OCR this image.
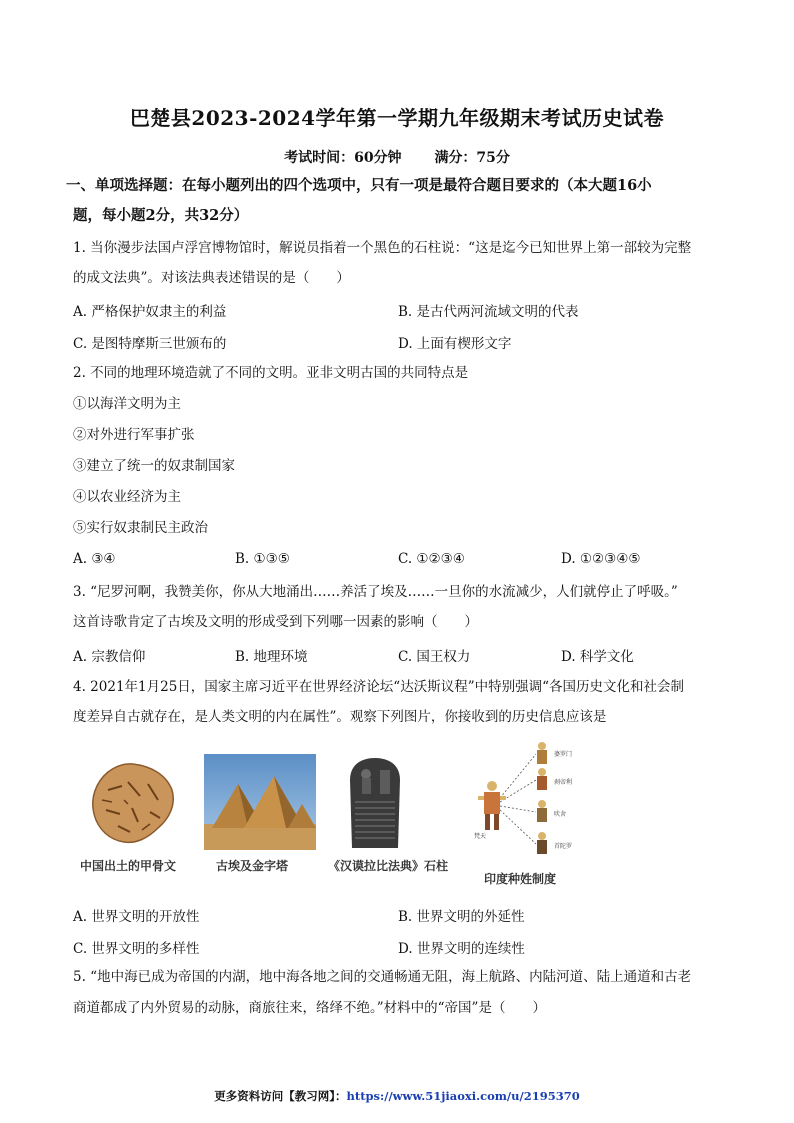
巴楚县2023-2024学年第一学期九年级期末考试历史试卷
考试时间：60分钟 满分：75分
一、单项选择题：在每小题列出的四个选项中，只有一项是最符合题目要求的（本大题16小
题，每小题2分，共32分）
1. 当你漫步法国卢浮宫博物馆时，解说员指着一个黑色的石柱说：“这是迄今已知世界上第一部较为完整
的成文法典”。对该法典表述错误的是（　　）
A. 严格保护奴隶主的利益	B. 是古代两河流域文明的代表
C. 是图特摩斯三世颁布的	D. 上面有楔形文字
2. 不同的地理环境造就了不同的文明。亚非文明古国的共同特点是
①以海洋文明为主
②对外进行军事扩张
③建立了统一的奴隶制国家
④以农业经济为主
⑤实行奴隶制民主政治
A. ③④	B. ①③⑤	C. ①②③④	D. ①②③④⑤
3. “尼罗河啊，我赞美你，你从大地涌出……养活了埃及……一旦你的水流减少，人们就停止了呼吸。”
这首诗歌肯定了古埃及文明的形成受到下列哪一因素的影响（　　）
A. 宗教信仰	B. 地理环境	C. 国王权力	D. 科学文化
4. 2021年1月25日，国家主席习近平在世界经济论坛“达沃斯议程”中特别强调“各国历史文化和社会制
度差异自古就存在，是人类文明的内在属性”。观察下列图片，你接收到的历史信息应该是
中国出土的甲骨文	古埃及金字塔	《汉谟拉比法典》石柱
婆罗门
刹帝利
吠舍
首陀罗
梵天
印度种姓制度
A. 世界文明的开放性	B. 世界文明的外延性
C. 世界文明的多样性	D. 世界文明的连续性
5. “地中海已成为帝国的内湖，地中海各地之间的交通畅通无阻，海上航路、内陆河道、陆上通道和古老
商道都成了内外贸易的动脉，商旅往来，络绎不绝。”材料中的“帝国”是（　　）
更多资料访问【教习网】：https://www.51jiaoxi.com/u/2195370
